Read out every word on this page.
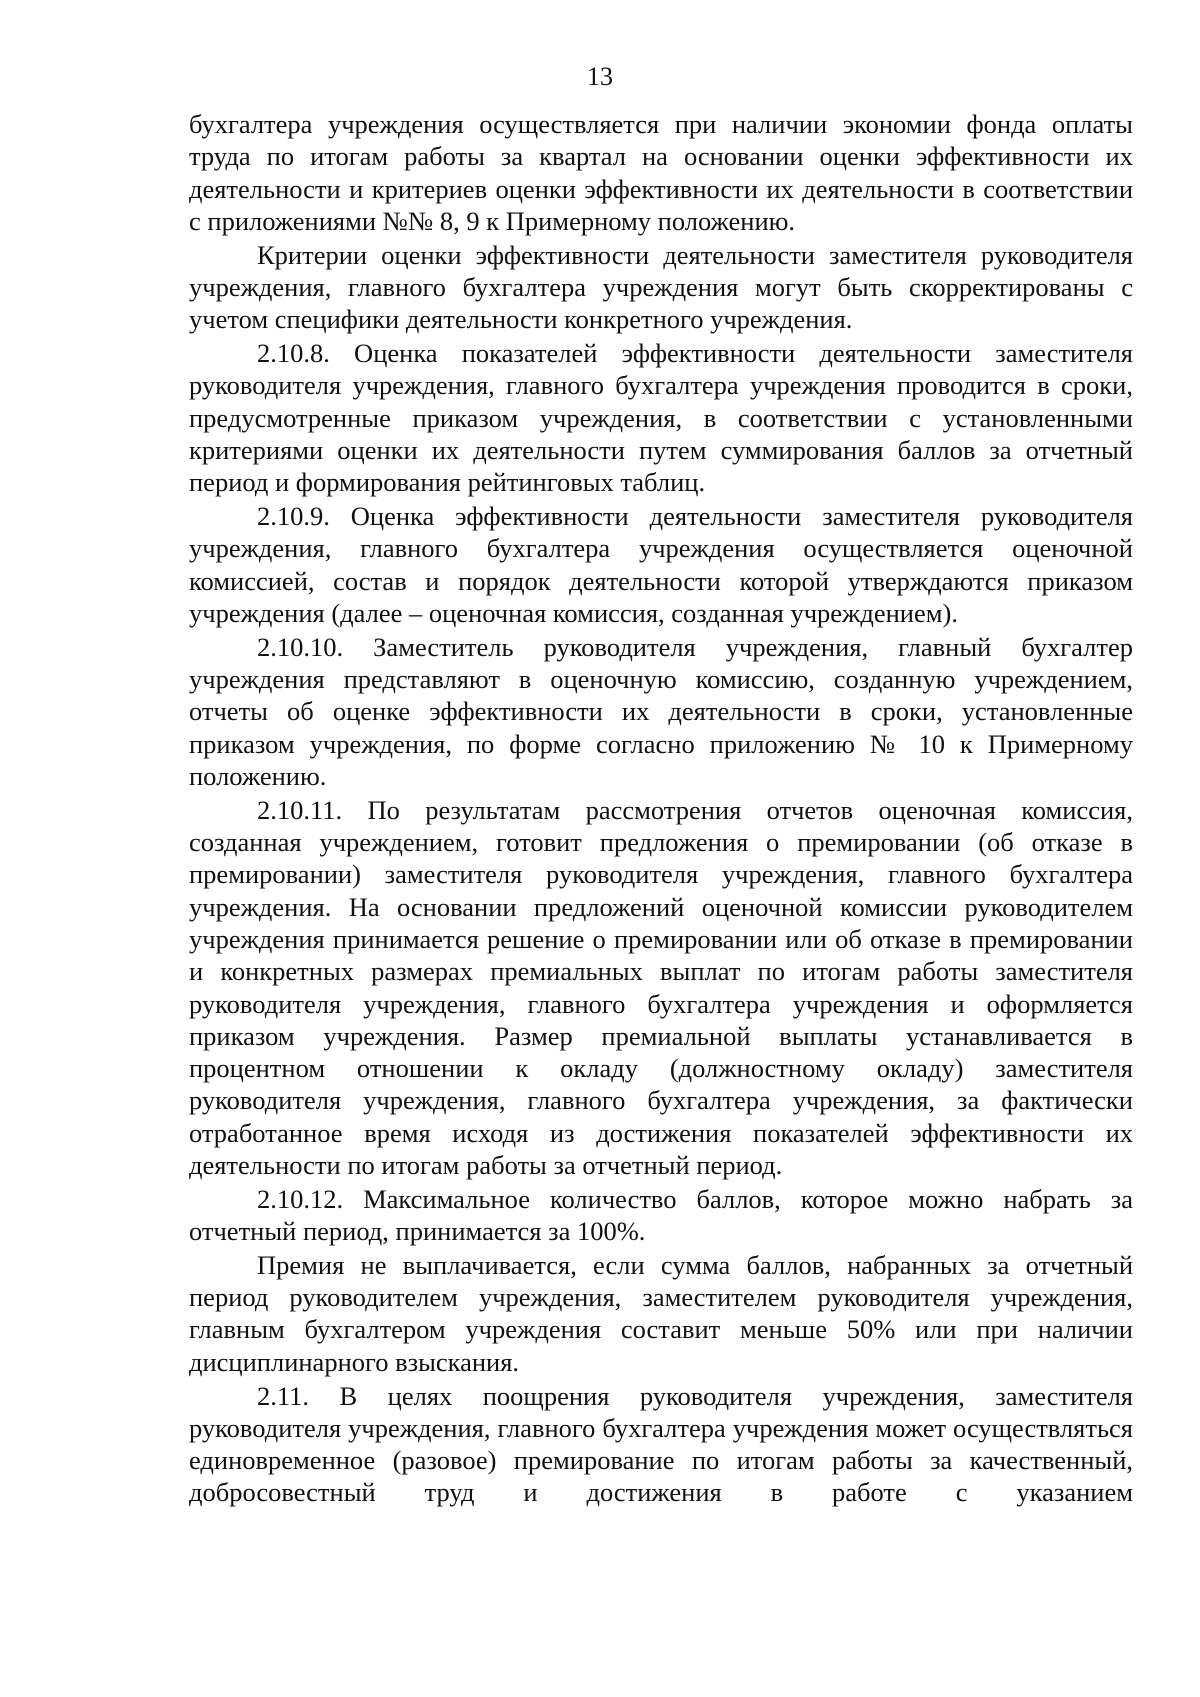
13

бухгалтера учреждения осуществляется при наличии экономии фонда оплаты труда по итогам работы за квартал на основании оценки эффективности их деятельности и критериев оценки эффективности их деятельности в соответствии с приложениями №№ 8, 9 к Примерному положению.

Критерии оценки эффективности деятельности заместителя руководителя учреждения, главного бухгалтера учреждения могут быть скорректированы с учетом специфики деятельности конкретного учреждения.

2.10.8. Оценка показателей эффективности деятельности заместителя руководителя учреждения, главного бухгалтера учреждения проводится в сроки, предусмотренные приказом учреждения, в соответствии с установленными критериями оценки их деятельности путем суммирования баллов за отчетный период и формирования рейтинговых таблиц.

2.10.9. Оценка эффективности деятельности заместителя руководителя учреждения, главного бухгалтера учреждения осуществляется оценочной комиссией, состав и порядок деятельности которой утверждаются приказом учреждения (далее – оценочная комиссия, созданная учреждением).

2.10.10. Заместитель руководителя учреждения, главный бухгалтер учреждения представляют в оценочную комиссию, созданную учреждением, отчеты об оценке эффективности их деятельности в сроки, установленные приказом учреждения, по форме согласно приложению № 10 к Примерному положению.

2.10.11. По результатам рассмотрения отчетов оценочная комиссия, созданная учреждением, готовит предложения о премировании (об отказе в премировании) заместителя руководителя учреждения, главного бухгалтера учреждения. На основании предложений оценочной комиссии руководителем учреждения принимается решение о премировании или об отказе в премировании и конкретных размерах премиальных выплат по итогам работы заместителя руководителя учреждения, главного бухгалтера учреждения и оформляется приказом учреждения. Размер премиальной выплаты устанавливается в процентном отношении к окладу (должностному окладу) заместителя руководителя учреждения, главного бухгалтера учреждения, за фактически отработанное время исходя из достижения показателей эффективности их деятельности по итогам работы за отчетный период.

2.10.12. Максимальное количество баллов, которое можно набрать за отчетный период, принимается за 100%.

Премия не выплачивается, если сумма баллов, набранных за отчетный период руководителем учреждения, заместителем руководителя учреждения, главным бухгалтером учреждения составит меньше 50% или при наличии дисциплинарного взыскания.

2.11. В целях поощрения руководителя учреждения, заместителя руководителя учреждения, главного бухгалтера учреждения может осуществляться единовременное (разовое) премирование по итогам работы за качественный, добросовестный труд и достижения в работе с указанием
